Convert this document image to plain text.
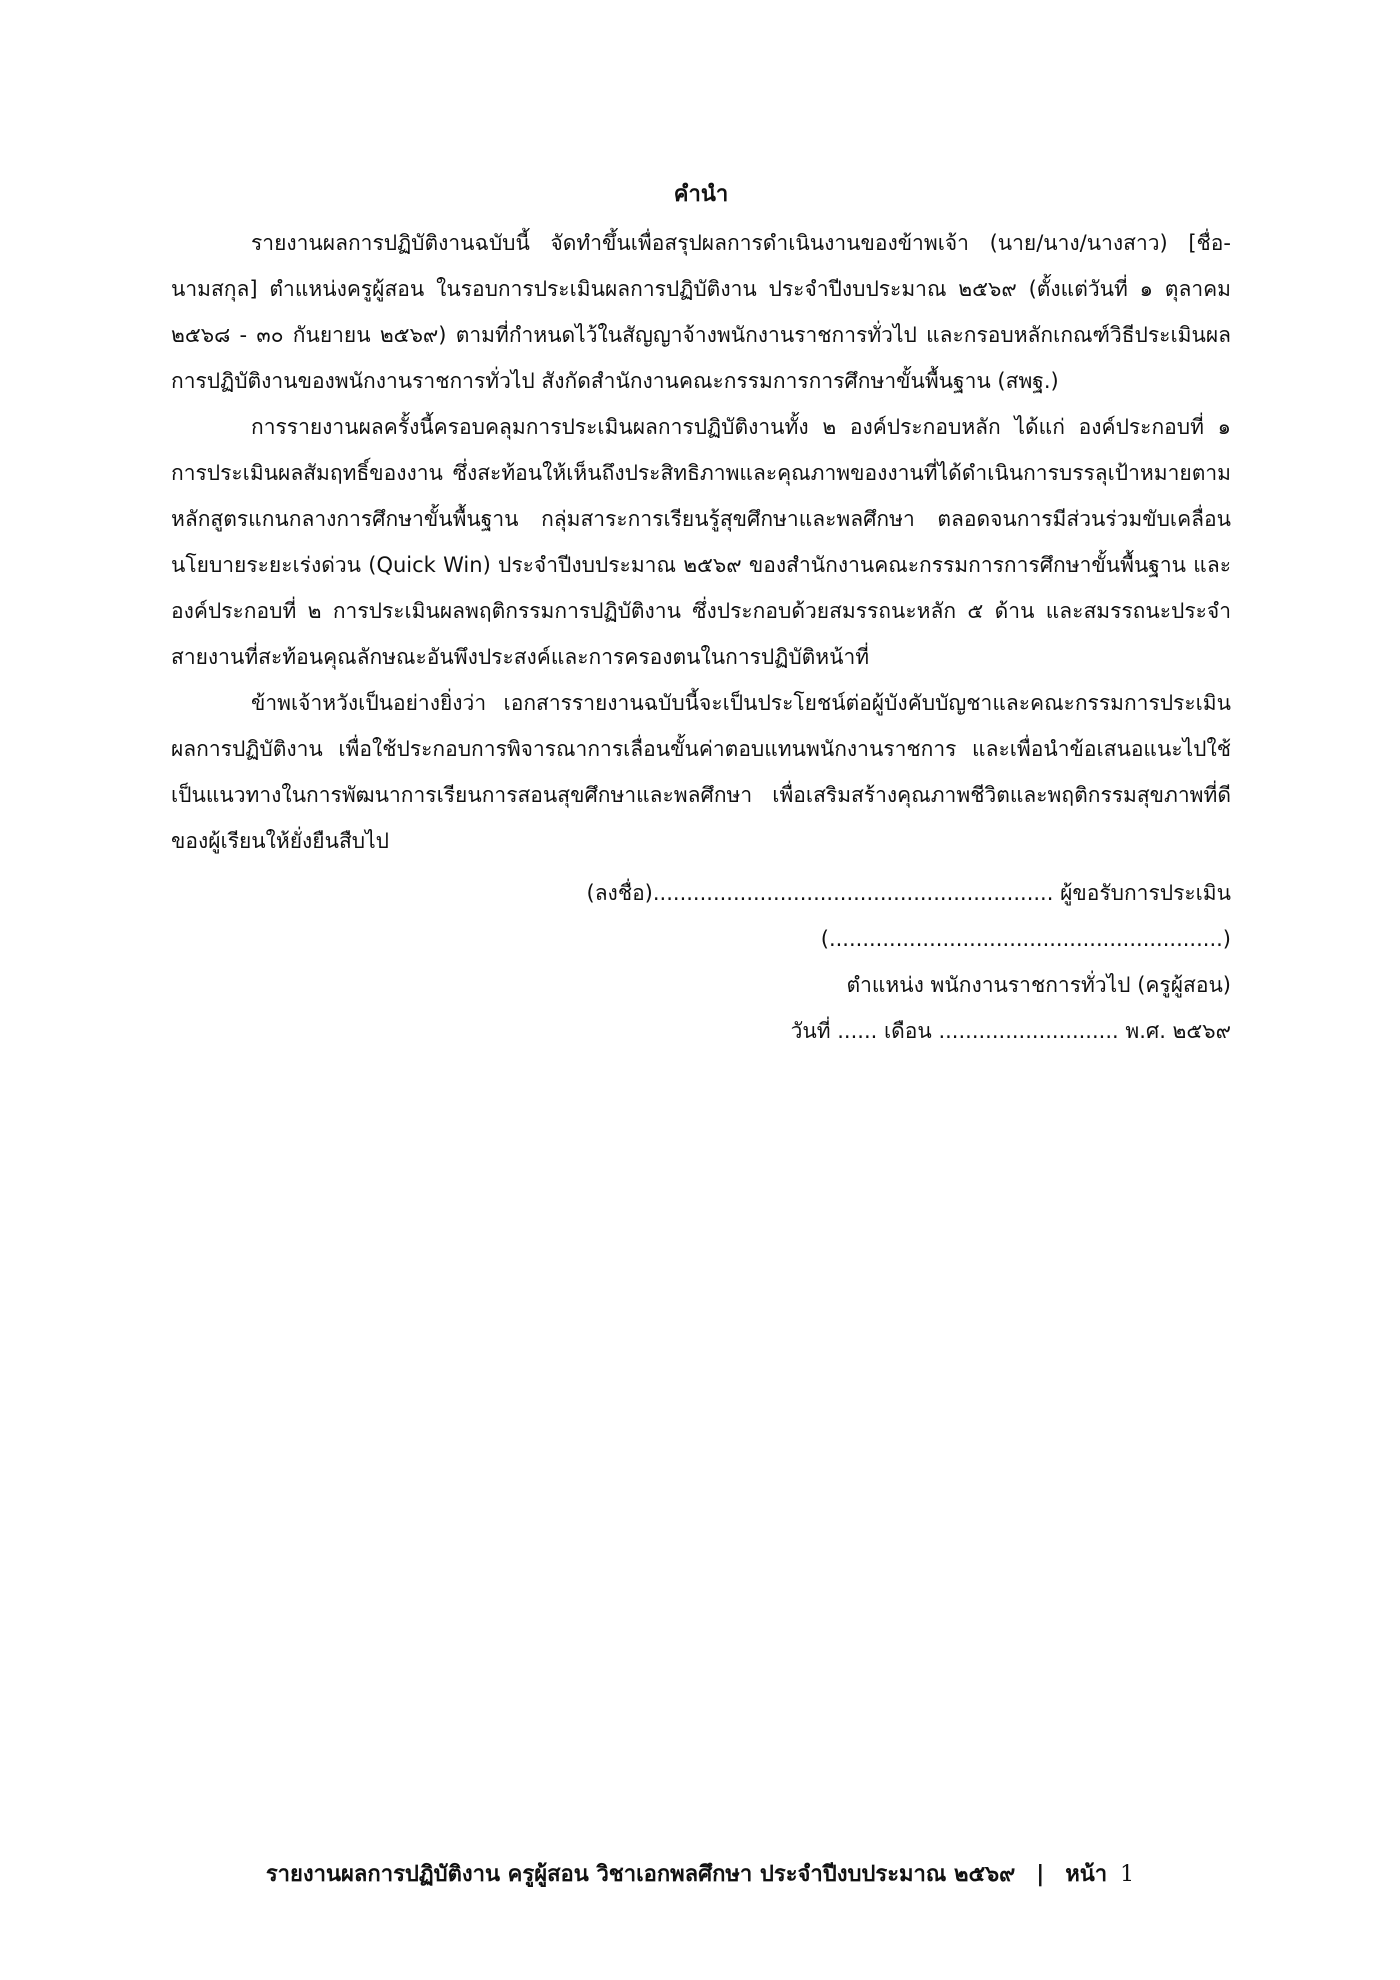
คำนำ

รายงานผลการปฏิบัติงานฉบับนี้ จัดทำขึ้นเพื่อสรุปผลการดำเนินงานของข้าพเจ้า (นาย/นาง/นางสาว) [ชื่อ-นามสกุล] ตำแหน่งครูผู้สอน ในรอบการประเมินผลการปฏิบัติงาน ประจำปีงบประมาณ ๒๕๖๙ (ตั้งแต่วันที่ ๑ ตุลาคม ๒๕๖๘ - ๓๐ กันยายน ๒๕๖๙) ตามที่กำหนดไว้ในสัญญาจ้างพนักงานราชการทั่วไป และกรอบหลักเกณฑ์วิธีประเมินผลการปฏิบัติงานของพนักงานราชการทั่วไป สังกัดสำนักงานคณะกรรมการการศึกษาขั้นพื้นฐาน (สพฐ.)

การรายงานผลครั้งนี้ครอบคลุมการประเมินผลการปฏิบัติงานทั้ง ๒ องค์ประกอบหลัก ได้แก่ องค์ประกอบที่ ๑ การประเมินผลสัมฤทธิ์ของงาน ซึ่งสะท้อนให้เห็นถึงประสิทธิภาพและคุณภาพของงานที่ได้ดำเนินการบรรลุเป้าหมายตามหลักสูตรแกนกลางการศึกษาขั้นพื้นฐาน กลุ่มสาระการเรียนรู้สุขศึกษาและพลศึกษา ตลอดจนการมีส่วนร่วมขับเคลื่อนนโยบายระยะเร่งด่วน (Quick Win) ประจำปีงบประมาณ ๒๕๖๙ ของสำนักงานคณะกรรมการการศึกษาขั้นพื้นฐาน และ องค์ประกอบที่ ๒ การประเมินผลพฤติกรรมการปฏิบัติงาน ซึ่งประกอบด้วยสมรรถนะหลัก ๕ ด้าน และสมรรถนะประจำสายงานที่สะท้อนคุณลักษณะอันพึงประสงค์และการครองตนในการปฏิบัติหน้าที่

ข้าพเจ้าหวังเป็นอย่างยิ่งว่า เอกสารรายงานฉบับนี้จะเป็นประโยชน์ต่อผู้บังคับบัญชาและคณะกรรมการประเมินผลการปฏิบัติงาน เพื่อใช้ประกอบการพิจารณาการเลื่อนขั้นค่าตอบแทนพนักงานราชการ และเพื่อนำข้อเสนอแนะไปใช้เป็นแนวทางในการพัฒนาการเรียนการสอนสุขศึกษาและพลศึกษา เพื่อเสริมสร้างคุณภาพชีวิตและพฤติกรรมสุขภาพที่ดีของผู้เรียนให้ยั่งยืนสืบไป

(ลงชื่อ)............................................................ ผู้ขอรับการประเมิน
(...........................................................)
ตำแหน่ง พนักงานราชการทั่วไป (ครูผู้สอน)
วันที่ ...... เดือน ........................... พ.ศ. ๒๕๖๙
รายงานผลการปฏิบัติงาน ครูผู้สอน วิชาเอกพลศึกษา ประจำปีงบประมาณ ๒๕๖๙ | หน้า 1
